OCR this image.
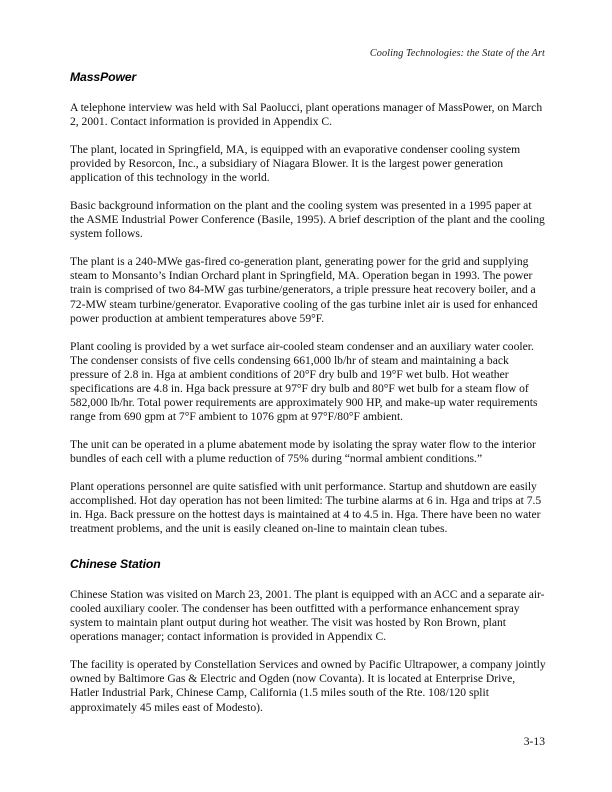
Cooling Technologies: the State of the Art
MassPower

A telephone interview was held with Sal Paolucci, plant operations manager of MassPower, on March 2, 2001. Contact information is provided in Appendix C.

The plant, located in Springfield, MA, is equipped with an evaporative condenser cooling system provided by Resorcon, Inc., a subsidiary of Niagara Blower. It is the largest power generation application of this technology in the world.

Basic background information on the plant and the cooling system was presented in a 1995 paper at the ASME Industrial Power Conference (Basile, 1995). A brief description of the plant and the cooling system follows.

The plant is a 240-MWe gas-fired co-generation plant, generating power for the grid and supplying steam to Monsanto’s Indian Orchard plant in Springfield, MA. Operation began in 1993. The power train is comprised of two 84-MW gas turbine/generators, a triple pressure heat recovery boiler, and a 72-MW steam turbine/generator. Evaporative cooling of the gas turbine inlet air is used for enhanced power production at ambient temperatures above 59°F.

Plant cooling is provided by a wet surface air-cooled steam condenser and an auxiliary water cooler. The condenser consists of five cells condensing 661,000 lb/hr of steam and maintaining a back pressure of 2.8 in. Hga at ambient conditions of 20°F dry bulb and 19°F wet bulb. Hot weather specifications are 4.8 in. Hga back pressure at 97°F dry bulb and 80°F wet bulb for a steam flow of 582,000 lb/hr. Total power requirements are approximately 900 HP, and make-up water requirements range from 690 gpm at 7°F ambient to 1076 gpm at 97°F/80°F ambient.

The unit can be operated in a plume abatement mode by isolating the spray water flow to the interior bundles of each cell with a plume reduction of 75% during “normal ambient conditions.”

Plant operations personnel are quite satisfied with unit performance. Startup and shutdown are easily accomplished. Hot day operation has not been limited: The turbine alarms at 6 in. Hga and trips at 7.5 in. Hga. Back pressure on the hottest days is maintained at 4 to 4.5 in. Hga. There have been no water treatment problems, and the unit is easily cleaned on-line to maintain clean tubes.

Chinese Station

Chinese Station was visited on March 23, 2001. The plant is equipped with an ACC and a separate air-cooled auxiliary cooler. The condenser has been outfitted with a performance enhancement spray system to maintain plant output during hot weather. The visit was hosted by Ron Brown, plant operations manager; contact information is provided in Appendix C.

The facility is operated by Constellation Services and owned by Pacific Ultrapower, a company jointly owned by Baltimore Gas & Electric and Ogden (now Covanta). It is located at Enterprise Drive, Hatler Industrial Park, Chinese Camp, California (1.5 miles south of the Rte. 108/120 split approximately 45 miles east of Modesto).

3-13
